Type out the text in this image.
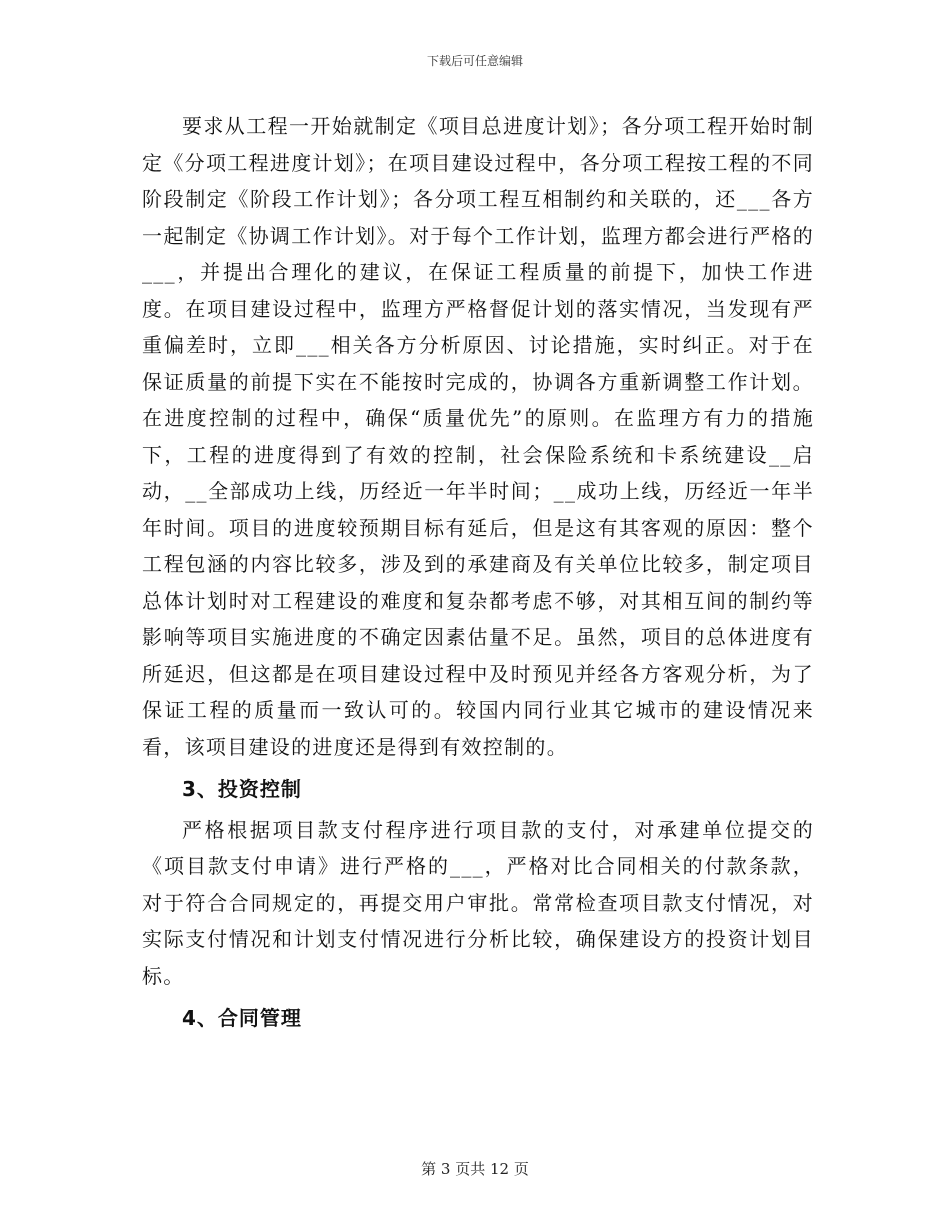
下载后可任意编辑

要求从工程一开始就制定《项目总进度计划》；各分项工程开始时制定《分项工程进度计划》；在项目建设过程中，各分项工程按工程的不同阶段制定《阶段工作计划》；各分项工程互相制约和关联的，还___各方一起制定《协调工作计划》。对于每个工作计划，监理方都会进行严格的___，并提出合理化的建议，在保证工程质量的前提下，加快工作进度。在项目建设过程中，监理方严格督促计划的落实情况，当发现有严重偏差时，立即___相关各方分析原因、讨论措施，实时纠正。对于在保证质量的前提下实在不能按时完成的，协调各方重新调整工作计划。在进度控制的过程中，确保“质量优先”的原则。在监理方有力的措施下，工程的进度得到了有效的控制，社会保险系统和卡系统建设__启动，__全部成功上线，历经近一年半时间；__成功上线，历经近一年半年时间。项目的进度较预期目标有延后，但是这有其客观的原因：整个工程包涵的内容比较多，涉及到的承建商及有关单位比较多，制定项目总体计划时对工程建设的难度和复杂都考虑不够，对其相互间的制约等影响等项目实施进度的不确定因素估量不足。虽然，项目的总体进度有所延迟，但这都是在项目建设过程中及时预见并经各方客观分析，为了保证工程的质量而一致认可的。较国内同行业其它城市的建设情况来看，该项目建设的进度还是得到有效控制的。

3、投资控制

严格根据项目款支付程序进行项目款的支付，对承建单位提交的《项目款支付申请》进行严格的___，严格对比合同相关的付款条款，对于符合合同规定的，再提交用户审批。常常检查项目款支付情况，对实际支付情况和计划支付情况进行分析比较，确保建设方的投资计划目标。

4、合同管理

第 3 页共 12 页
